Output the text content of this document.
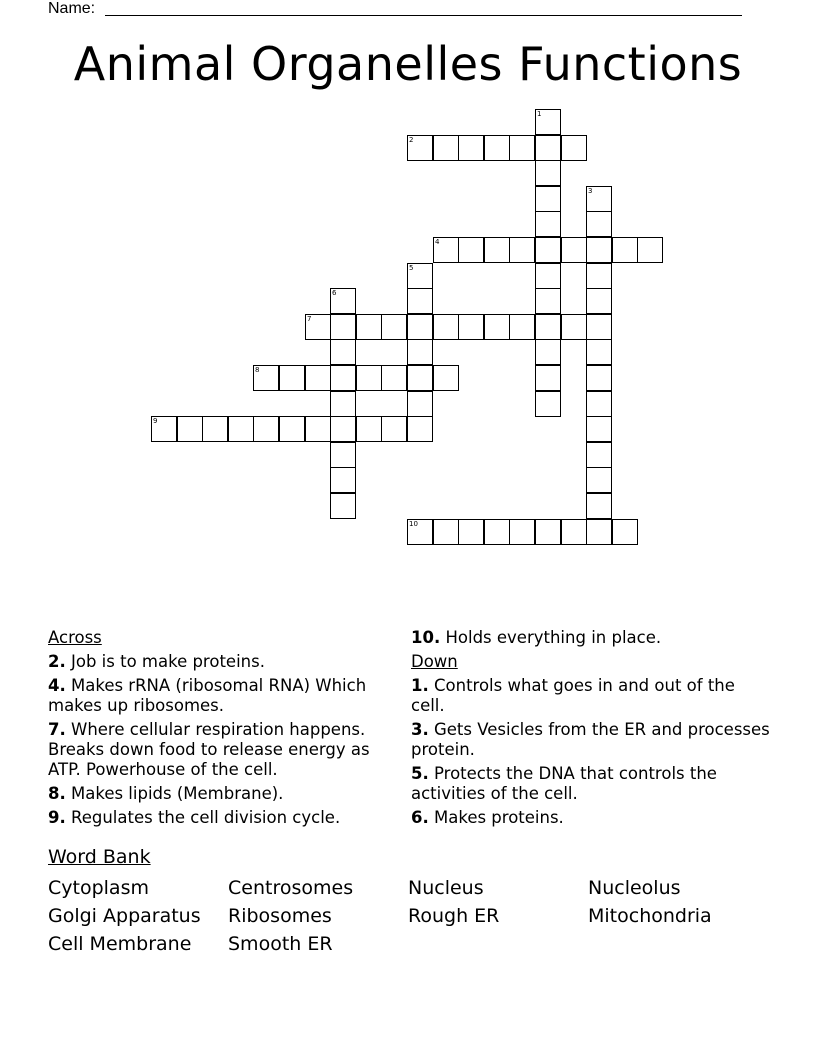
Name:
Animal Organelles Functions
1
2
3
4
5
6
7
8
9
10
Across
2. Job is to make proteins.
4. Makes rRNA (ribosomal RNA) Which makes up ribosomes.
7. Where cellular respiration happens. Breaks down food to release energy as ATP. Powerhouse of the cell.
8. Makes lipids (Membrane).
9. Regulates the cell division cycle.
10. Holds everything in place.
Down
1. Controls what goes in and out of the cell.
3. Gets Vesicles from the ER and processes protein.
5. Protects the DNA that controls the activities of the cell.
6. Makes proteins.
Word Bank
Cytoplasm	Centrosomes	Nucleus	Nucleolus
Golgi Apparatus	Ribosomes	Rough ER	Mitochondria
Cell Membrane	Smooth ER
